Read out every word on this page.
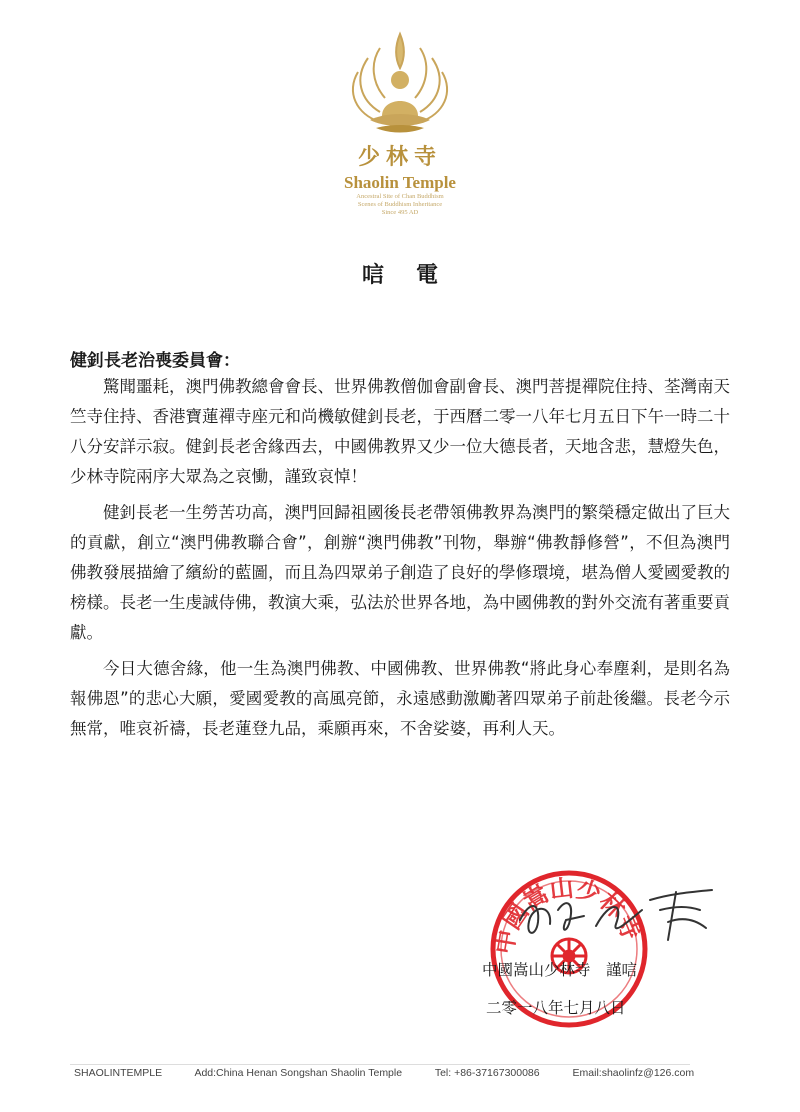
少林寺
Shaolin Temple
Ancestral Site of Chan Buddhism
Scenes of Buddhism Inheritance
Since 495 AD
唁電
健釗長老治喪委員會：

驚聞噩耗，澳門佛教總會會長、世界佛教僧伽會副會長、澳門菩提禪院住持、荃灣南天竺寺住持、香港寶蓮禪寺座元和尚機敏健釗長老，于西曆二零一八年七月五日下午一時二十八分安詳示寂。健釗長老舍緣西去，中國佛教界又少一位大德長者，天地含悲，慧燈失色，少林寺院兩序大眾為之哀慟，謹致哀悼！

健釗長老一生勞苦功高，澳門回歸祖國後長老帶領佛教界為澳門的繁榮穩定做出了巨大的貢獻，創立“澳門佛教聯合會”，創辦“澳門佛教”刊物，舉辦“佛教靜修營”，不但為澳門佛教發展描繪了繽紛的藍圖，而且為四眾弟子創造了良好的學修環境，堪為僧人愛國愛教的榜樣。長老一生虔誠侍佛，教演大乘，弘法於世界各地，為中國佛教的對外交流有著重要貢獻。

今日大德舍緣，他一生為澳門佛教、中國佛教、世界佛教“將此身心奉塵剎，是則名為報佛恩”的悲心大願，愛國愛教的高風亮節，永遠感動激勵著四眾弟子前赴後繼。長老今示無常，唯哀祈禱，長老蓮登九品，乘願再來，不舍娑婆，再利人天。

中國嵩山少林寺
中國嵩山少林寺　謹唁
二零一八年七月八日
SHAOLINTEMPLE	Add:China Henan Songshan Shaolin Temple	Tel: +86-37167300086	Email:shaolinfz@126.com
